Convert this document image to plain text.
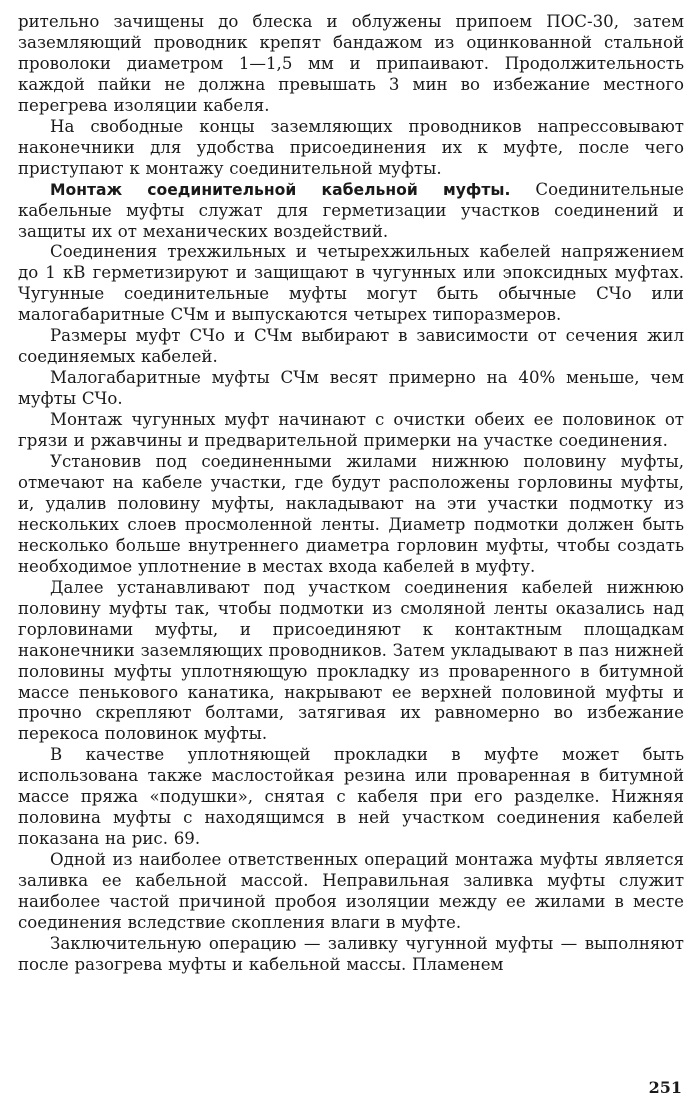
рительно зачищены до блеска и облужены припоем ПОС-30, затем заземляющий проводник крепят бандажом из оцинкованной стальной проволоки диаметром 1—1,5 мм и припаивают. Продолжительность каждой пайки не должна превышать 3 мин во избежание местного перегрева изоляции кабеля.

На свободные концы заземляющих проводников напрессовывают наконечники для удобства присоединения их к муфте, после чего приступают к монтажу соединительной муфты.

Монтаж соединительной кабельной муфты. Соединительные кабельные муфты служат для герметизации участков соединений и защиты их от механических воздействий.

Соединения трехжильных и четырехжильных кабелей напряжением до 1 кВ герметизируют и защищают в чугунных или эпоксидных муфтах. Чугунные соединительные муфты могут быть обычные СЧо или малогабаритные СЧм и выпускаются четырех типоразмеров.

Размеры муфт СЧо и СЧм выбирают в зависимости от сечения жил соединяемых кабелей.

Малогабаритные муфты СЧм весят примерно на 40% меньше, чем муфты СЧо.

Монтаж чугунных муфт начинают с очистки обеих ее половинок от грязи и ржавчины и предварительной примерки на участке соединения.

Установив под соединенными жилами нижнюю половину муфты, отмечают на кабеле участки, где будут расположены горловины муфты, и, удалив половину муфты, накладывают на эти участки подмотку из нескольких слоев просмоленной ленты. Диаметр подмотки должен быть несколько больше внутреннего диаметра горловин муфты, чтобы создать необходимое уплотнение в местах входа кабелей в муфту.

Далее устанавливают под участком соединения кабелей нижнюю половину муфты так, чтобы подмотки из смоляной ленты оказались над горловинами муфты, и присоединяют к контактным площадкам наконечники заземляющих проводников. Затем укладывают в паз нижней половины муфты уплотняющую прокладку из проваренного в битумной массе пенькового канатика, накрывают ее верхней половиной муфты и прочно скрепляют болтами, затягивая их равномерно во избежание перекоса половинок муфты.

В качестве уплотняющей прокладки в муфте может быть использована также маслостойкая резина или проваренная в битумной массе пряжа «подушки», снятая с кабеля при его разделке. Нижняя половина муфты с находящимся в ней участком соединения кабелей показана на рис. 69.

Одной из наиболее ответственных операций монтажа муфты является заливка ее кабельной массой. Неправильная заливка муфты служит наиболее частой причиной пробоя изоляции между ее жилами в месте соединения вследствие скопления влаги в муфте.

Заключительную операцию — заливку чугунной муфты — выполняют после разогрева муфты и кабельной массы. Пламенем

251
